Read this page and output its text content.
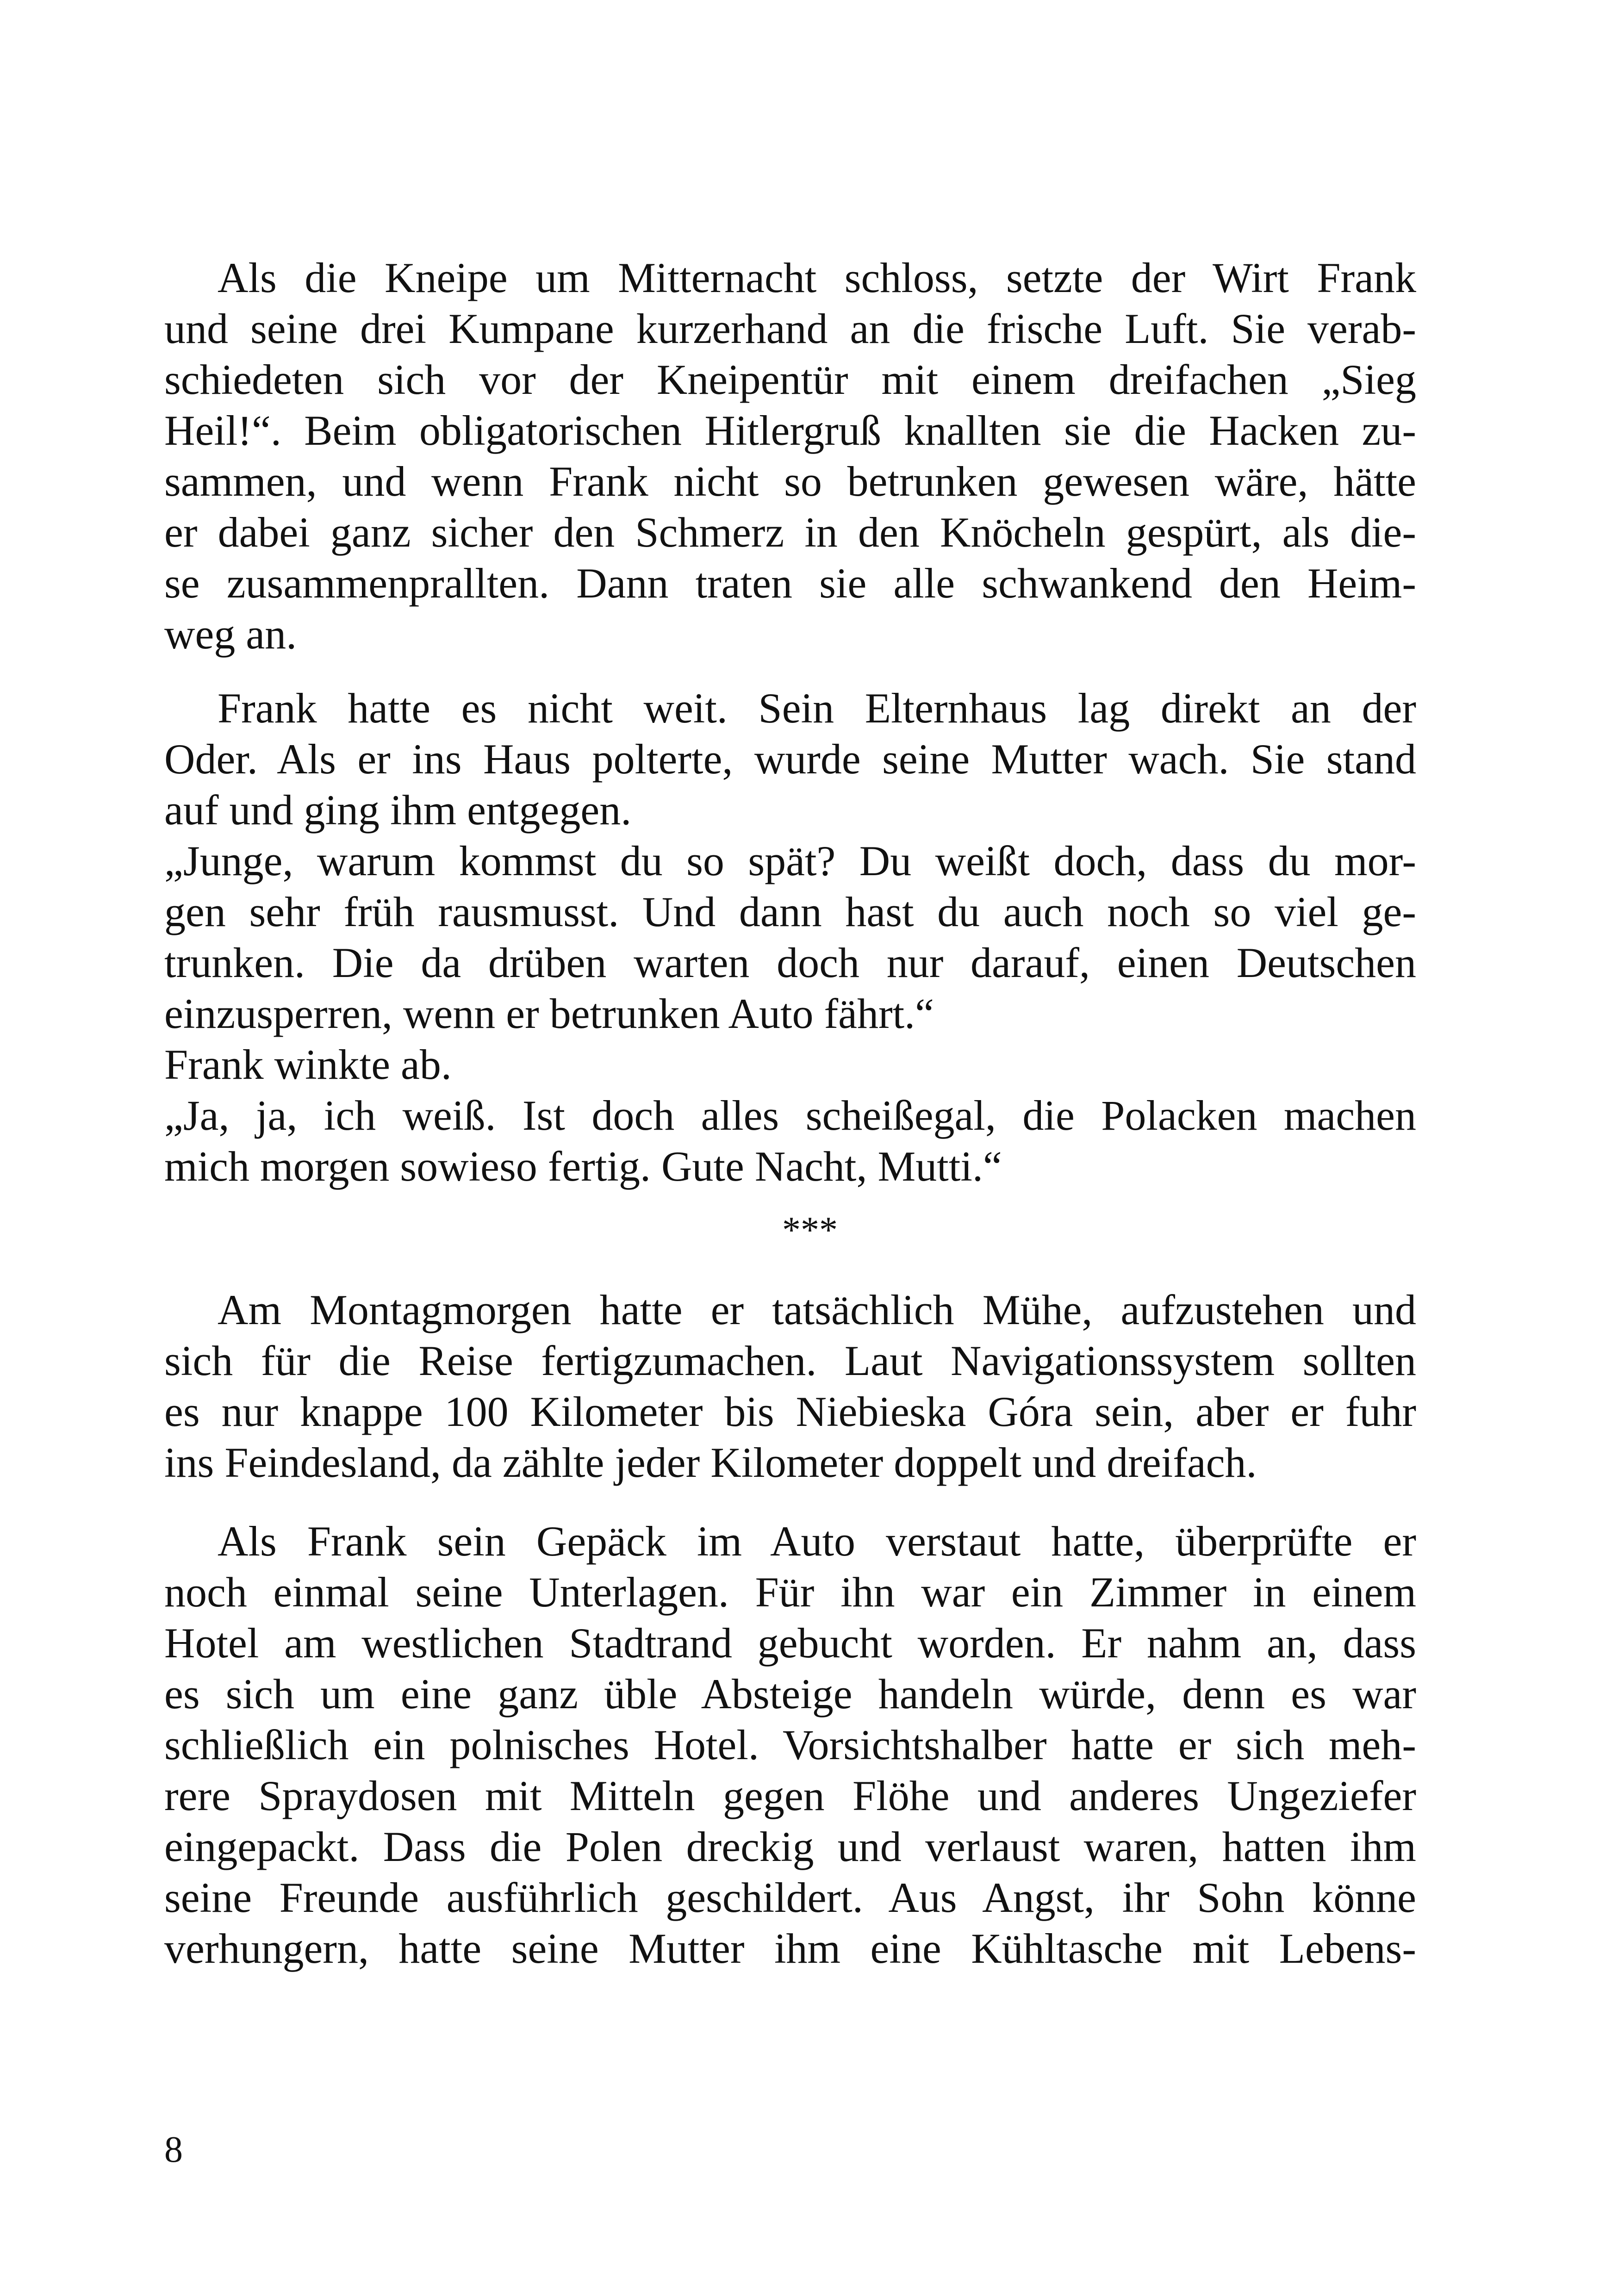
Als die Kneipe um Mitternacht schloss, setzte der Wirt Frank
und seine drei Kumpane kurzerhand an die frische Luft. Sie verab-
schiedeten sich vor der Kneipentür mit einem dreifachen „Sieg
Heil!“. Beim obligatorischen Hitlergruß knallten sie die Hacken zu-
sammen, und wenn Frank nicht so betrunken gewesen wäre, hätte
er dabei ganz sicher den Schmerz in den Knöcheln gespürt, als die-
se zusammenprallten. Dann traten sie alle schwankend den Heim-
weg an.
Frank hatte es nicht weit. Sein Elternhaus lag direkt an der
Oder. Als er ins Haus polterte, wurde seine Mutter wach. Sie stand
auf und ging ihm entgegen.
„Junge, warum kommst du so spät? Du weißt doch, dass du mor-
gen sehr früh rausmusst. Und dann hast du auch noch so viel ge-
trunken. Die da drüben warten doch nur darauf, einen Deutschen
einzusperren, wenn er betrunken Auto fährt.“
Frank winkte ab.
„Ja, ja, ich weiß. Ist doch alles scheißegal, die Polacken machen
mich morgen sowieso fertig. Gute Nacht, Mutti.“
***
Am Montagmorgen hatte er tatsächlich Mühe, aufzustehen und
sich für die Reise fertigzumachen. Laut Navigationssystem sollten
es nur knappe 100 Kilometer bis Niebieska Góra sein, aber er fuhr
ins Feindesland, da zählte jeder Kilometer doppelt und dreifach.
Als Frank sein Gepäck im Auto verstaut hatte, überprüfte er
noch einmal seine Unterlagen. Für ihn war ein Zimmer in einem
Hotel am westlichen Stadtrand gebucht worden. Er nahm an, dass
es sich um eine ganz üble Absteige handeln würde, denn es war
schließlich ein polnisches Hotel. Vorsichtshalber hatte er sich meh-
rere Spraydosen mit Mitteln gegen Flöhe und anderes Ungeziefer
eingepackt. Dass die Polen dreckig und verlaust waren, hatten ihm
seine Freunde ausführlich geschildert. Aus Angst, ihr Sohn könne
verhungern, hatte seine Mutter ihm eine Kühltasche mit Lebens-
8
